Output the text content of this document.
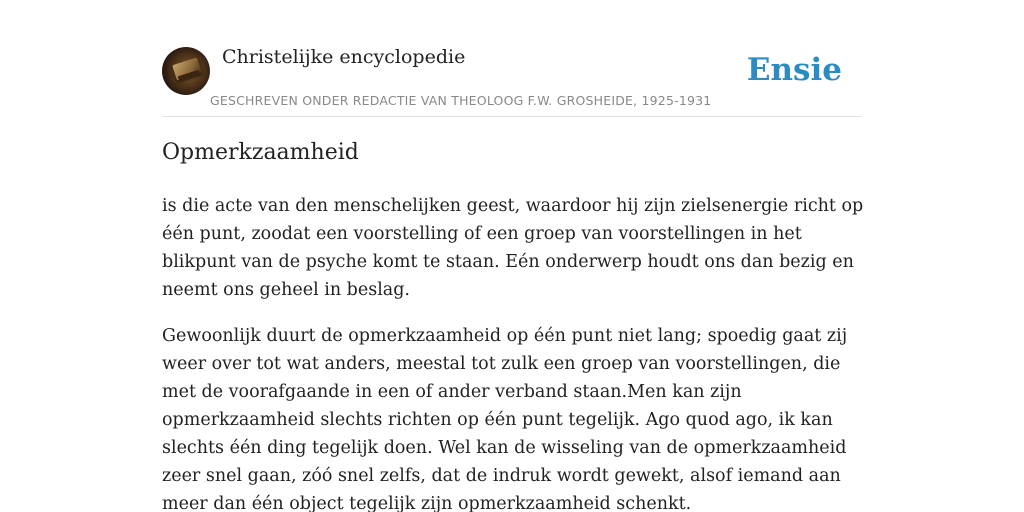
Christelijke encyclopedie
GESCHREVEN ONDER REDACTIE VAN THEOLOOG F.W. GROSHEIDE, 1925-1931
Ensie
Opmerkzaamheid

is die acte van den menschelijken geest, waardoor hij zijn zielsenergie richt op één punt, zoodat een voorstelling of een groep van voorstellingen in het blikpunt van de psyche komt te staan. Eén onderwerp houdt ons dan bezig en neemt ons geheel in beslag.

Gewoonlijk duurt de opmerkzaamheid op één punt niet lang; spoedig gaat zij weer over tot wat anders, meestal tot zulk een groep van voorstellingen, die met de voorafgaande in een of ander verband staan.Men kan zijn opmerkzaamheid slechts richten op één punt tegelijk. Ago quod ago, ik kan slechts één ding tegelijk doen. Wel kan de wisseling van de opmerkzaamheid zeer snel gaan, zóó snel zelfs, dat de indruk wordt gewekt, alsof iemand aan meer dan één object tegelijk zijn opmerkzaamheid schenkt.
